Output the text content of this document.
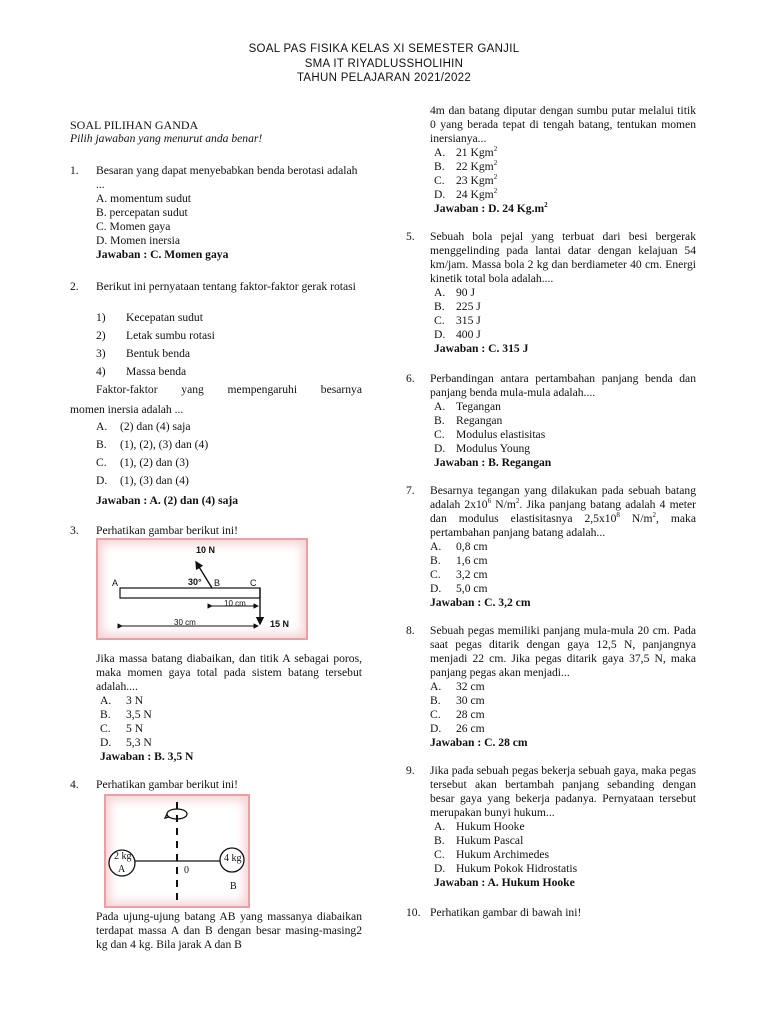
SOAL PAS FISIKA KELAS XI SEMESTER GANJIL
SMA IT RIYADLUSSHOLIHIN
TAHUN PELAJARAN 2021/2022
SOAL PILIHAN GANDA
Pilih jawaban yang menurut anda benar!
1. Besaran yang dapat menyebabkan benda berotasi adalah ...
A. momentum sudut
B. percepatan sudut
C. Momen gaya
D. Momen inersia
Jawaban : C. Momen gaya
2. Berikut ini pernyataan tentang faktor-faktor gerak rotasi
1)	Kecepatan sudut
2)	Letak sumbu rotasi
3)	Bentuk benda
4)	Massa benda
Faktor-faktor yang mempengaruhi besarnya
momen inersia adalah ...
A.	(2) dan (4) saja
B.	(1), (2), (3) dan (4)
C.	(1), (2) dan (3)
D.	(1), (3) dan (4)
Jawaban : A. (2) dan (4) saja
3. Perhatikan gambar berikut ini!
10 N
30°
A	B	C
10 cm
30 cm	15 N
Jika massa batang diabaikan, dan titik A sebagai poros, maka momen gaya total pada sistem batang tersebut adalah....
A.	3 N
B.	3,5 N
C.	5 N
D.	5,3 N
Jawaban : B. 3,5 N
4. Perhatikan gambar berikut ini!
2 kg
A
4 kg
B
0
Pada ujung-ujung batang AB yang massanya diabaikan terdapat massa A dan B dengan besar masing-masing2 kg dan 4 kg. Bila jarak A dan B
4m dan batang diputar dengan sumbu putar melalui titik 0 yang berada tepat di tengah batang, tentukan momen inersianya...
A. 21 Kgm$^2$
B. 22 Kgm$^2$
C. 23 Kgm$^2$
D. 24 Kgm$^2$
Jawaban : D. 24 $Kg.m^2$
5. Sebuah bola pejal yang terbuat dari besi bergerak menggelinding pada lantai datar dengan kelajuan 54 km/jam. Massa bola 2 kg dan berdiameter 40 cm. Energi kinetik total bola adalah....
A. 90 J
B. 225 J
C. 315 J
D. 400 J
Jawaban : C. 315 J
6. Perbandingan antara pertambahan panjang benda dan panjang benda mula-mula adalah....
A. Tegangan
B. Regangan
C. Modulus elastisitas
D. Modulus Young
Jawaban : B. Regangan
7. Besarnya tegangan yang dilakukan pada sebuah batang adalah $2x10^6$ $N/m^2$. Jika panjang batang adalah 4 meter dan modulus elastisitasnya $2,5x10^8$ $N/m^2$, maka pertambahan panjang batang adalah...
A.	0,8 cm
B.	1,6 cm
C.	3,2 cm
D.	5,0 cm
Jawaban : C. 3,2 cm
8. Sebuah pegas memiliki panjang mula-mula 20 cm. Pada saat pegas ditarik dengan gaya 12,5 N, panjangnya menjadi 22 cm. Jika pegas ditarik gaya 37,5 N, maka panjang pegas akan menjadi...
A.	32 cm
B.	30 cm
C.	28 cm
D.	26 cm
Jawaban : C. 28 cm
9. Jika pada sebuah pegas bekerja sebuah gaya, maka pegas tersebut akan bertambah panjang sebanding dengan besar gaya yang bekerja padanya. Pernyataan tersebut merupakan bunyi hukum...
A. Hukum Hooke
B. Hukum Pascal
C. Hukum Archimedes
D. Hukum Pokok Hidrostatis
Jawaban : A. Hukum Hooke
10. Perhatikan gambar di bawah ini!
